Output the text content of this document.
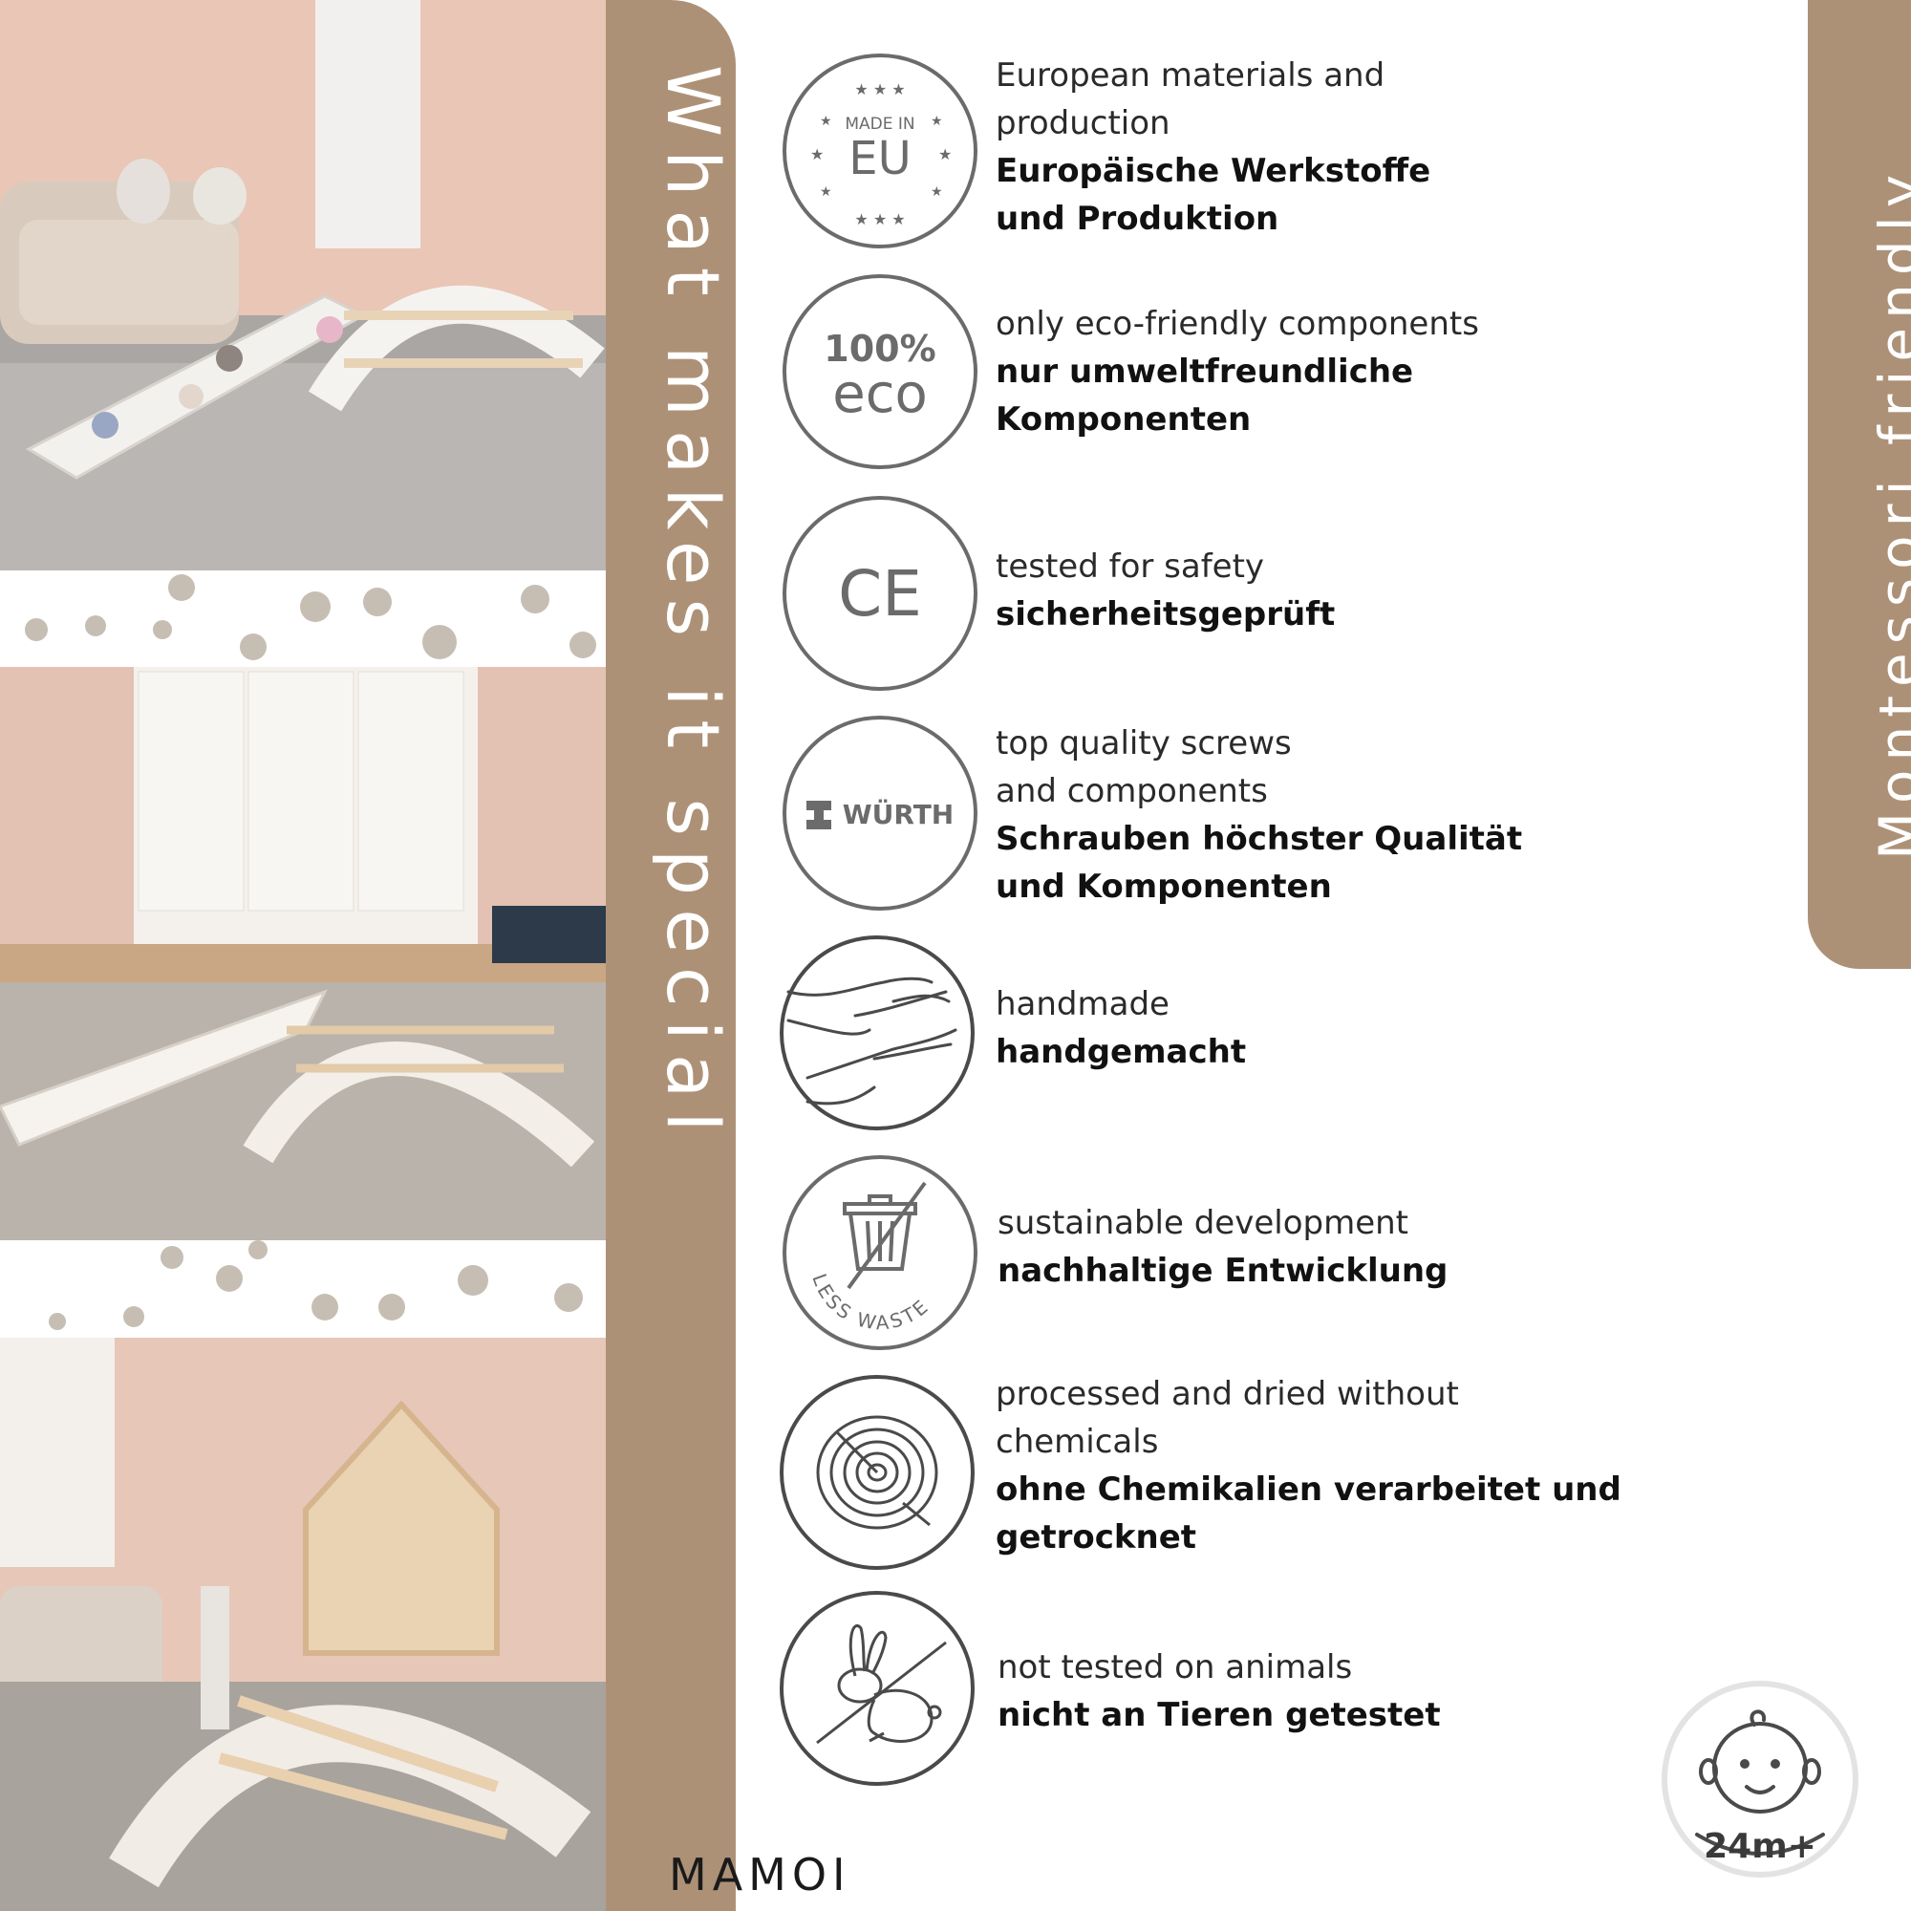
What makes it special	Montessori friendly
★ ★ ★
★ ★ ★
★	★
★	★
★	★
MADE IN
EU
European materials and
production
Europäische Werkstoffe
und Produktion
100%
eco
only eco-friendly components
nur umweltfreundliche
Komponenten
CE tested for safety
sicherheitsgeprüft
WÜRTH
top quality screws
and components
Schrauben höchster Qualität
und Komponenten
handmade
handgemacht
LESS WASTE
sustainable development
nachhaltige Entwicklung
processed and dried without
chemicals
ohne Chemikalien verarbeitet und
getrocknet
not tested on animals
nicht an Tieren getestet
MAMOI
24m+
